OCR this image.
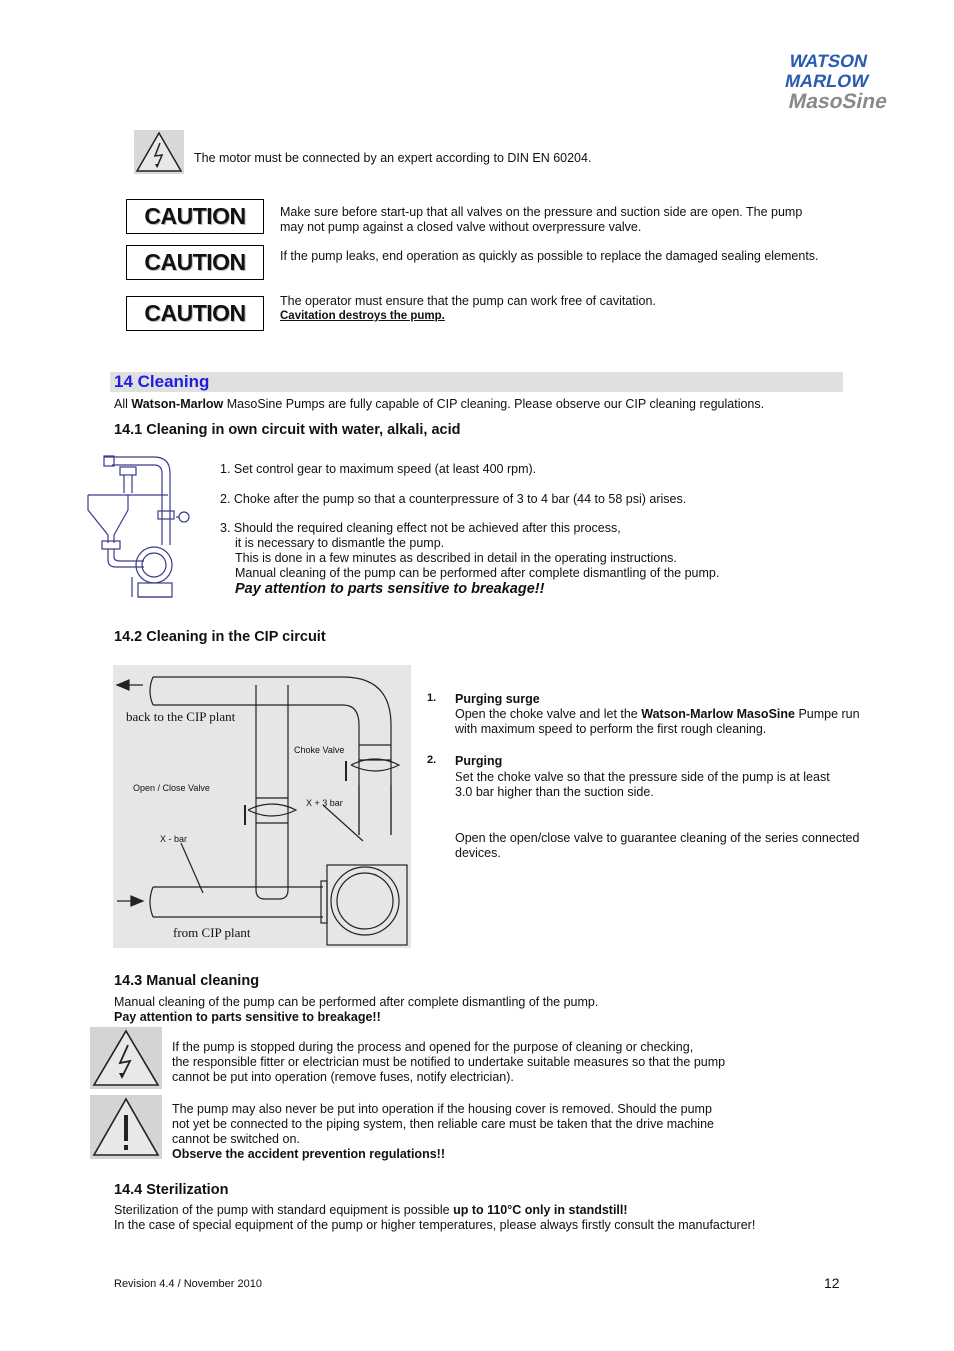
WATSON
MARLOW
MasoSine
The motor must be connected by an expert according to DIN EN 60204.
CAUTION	Make sure before start-up that all valves on the pressure and suction side are open. The pump
may not pump against a closed valve without overpressure valve.
CAUTION	If the pump leaks, end operation as quickly as possible to replace the damaged sealing elements.
CAUTION	The operator must ensure that the pump can work free of cavitation.
Cavitation destroys the pump.
14 Cleaning
All Watson-Marlow MasoSine Pumps are fully capable of CIP cleaning. Please observe our CIP cleaning regulations.
14.1 Cleaning in own circuit with water, alkali, acid
1. Set control gear to maximum speed (at least 400 rpm).
2. Choke after the pump so that a counterpressure of 3 to 4 bar (44 to 58 psi) arises.
3. Should the required cleaning effect not be achieved after this process,
it is necessary to dismantle the pump.
This is done in a few minutes as described in detail in the operating instructions.
Manual cleaning of the pump can be performed after complete dismantling of the pump.
Pay attention to parts sensitive to breakage!!
14.2 Cleaning in the CIP circuit
back to the CIP plant
Choke Valve
Open / Close Valve
X + 3 bar
X - bar
from CIP plant
1. Purging surge
Open the choke valve and let the Watson-Marlow MasoSine Pumpe run
with maximum speed to perform the first rough cleaning.
2. Purging
Set the choke valve so that the pressure side of the pump is at least
3.0 bar higher than the suction side.
Open the open/close valve to guarantee cleaning of the series connected
devices.
14.3 Manual cleaning
Manual cleaning of the pump can be performed after complete dismantling of the pump.
Pay attention to parts sensitive to breakage!!
If the pump is stopped during the process and opened for the purpose of cleaning or checking,
the responsible fitter or electrician must be notified to undertake suitable measures so that the pump
cannot be put into operation (remove fuses, notify electrician).
The pump may also never be put into operation if the housing cover is removed. Should the pump
not yet be connected to the piping system, then reliable care must be taken that the drive machine
cannot be switched on.
Observe the accident prevention regulations!!
14.4 Sterilization
Sterilization of the pump with standard equipment is possible up to 110°C only in standstill!
In the case of special equipment of the pump or higher temperatures, please always firstly consult the manufacturer!
Revision 4.4 / November 2010	12
